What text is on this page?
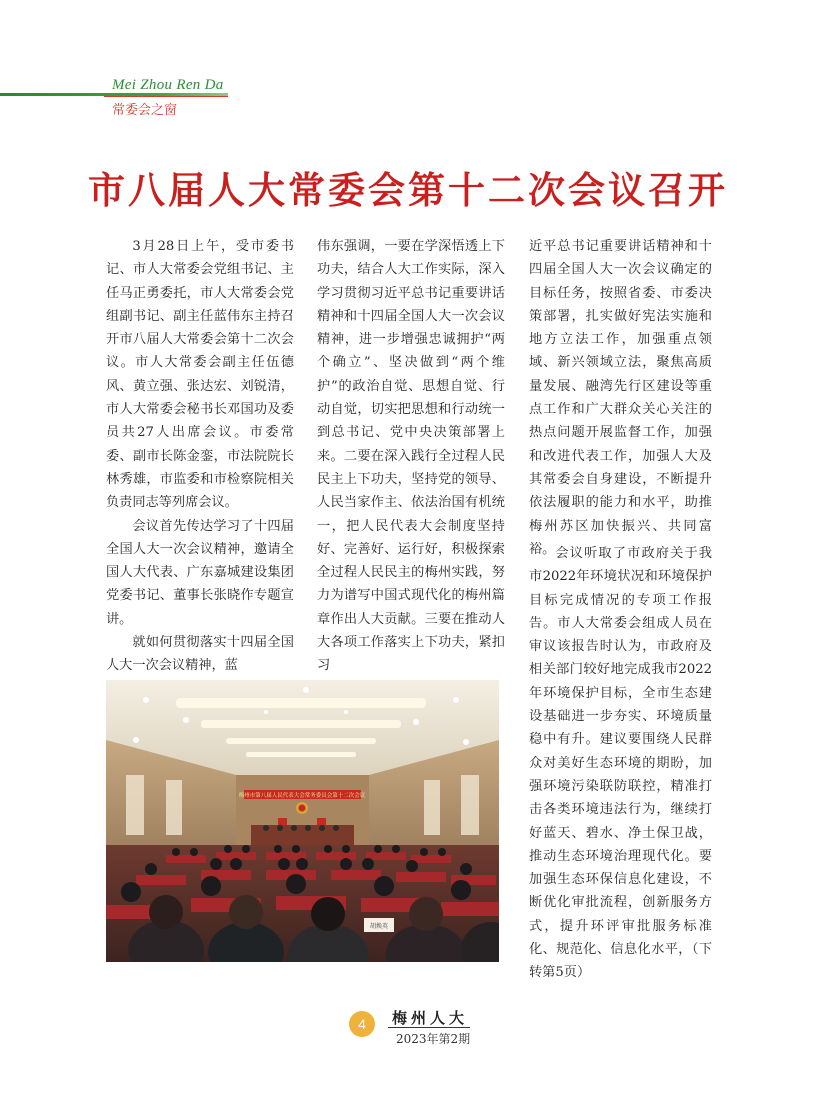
Mei Zhou Ren Da
常委会之窗
市八届人大常委会第十二次会议召开

3月28日上午，受市委书记、市人大常委会党组书记、主任马正勇委托，市人大常委会党组副书记、副主任蓝伟东主持召开市八届人大常委会第十二次会议。市人大常委会副主任伍德风、黄立强、张达宏、刘锐清，市人大常委会秘书长邓国功及委员共27人出席会议。市委常委、副市长陈金銮，市法院院长林秀雄，市监委和市检察院相关负责同志等列席会议。

会议首先传达学习了十四届全国人大一次会议精神，邀请全国人大代表、广东嘉城建设集团党委书记、董事长张晓作专题宣讲。

就如何贯彻落实十四届全国人大一次会议精神，蓝

伟东强调，一要在学深悟透上下功夫，结合人大工作实际，深入学习贯彻习近平总书记重要讲话精神和十四届全国人大一次会议精神，进一步增强忠诚拥护“两个确立”、坚决做到“两个维护”的政治自觉、思想自觉、行动自觉，切实把思想和行动统一到总书记、党中央决策部署上来。二要在深入践行全过程人民民主上下功夫，坚持党的领导、人民当家作主、依法治国有机统一，把人民代表大会制度坚持好、完善好、运行好，积极探索全过程人民民主的梅州实践，努力为谱写中国式现代化的梅州篇章作出人大贡献。三要在推动人大各项工作落实上下功夫，紧扣习

近平总书记重要讲话精神和十四届全国人大一次会议确定的目标任务，按照省委、市委决策部署，扎实做好宪法实施和地方立法工作，加强重点领域、新兴领域立法，聚焦高质量发展、融湾先行区建设等重点工作和广大群众关心关注的热点问题开展监督工作，加强和改进代表工作，加强人大及其常委会自身建设，不断提升依法履职的能力和水平，助推梅州苏区加快振兴、共同富裕。 会议听取了市政府关于我市2022年环境状况和环境保护目标完成情况的专项工作报告。市人大常委会组成人员在审议该报告时认为，市政府及相关部门较好地完成我市2022年环境保护目标，全市生态建设基础进一步夯实、环境质量稳中有升。建议要围绕人民群众对美好生态环境的期盼，加强环境污染联防联控，精准打击各类环境违法行为，继续打好蓝天、碧水、净土保卫战，推动生态环境治理现代化。要加强生态环保信息化建设，不断优化审批流程，创新服务方式，提升环评审批服务标准化、规范化、信息化水平，（下转第5页）

梅州市第八届人民代表大会常务委员会第十二次会议
胡焕英
4	梅州人大
2023年第2期
